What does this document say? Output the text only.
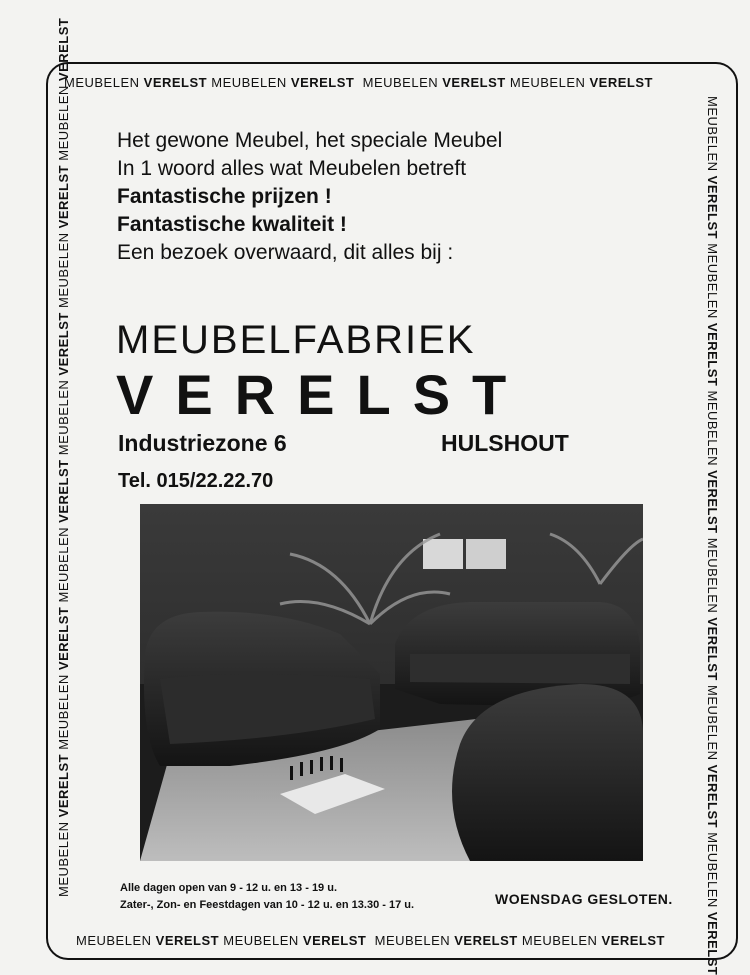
MEUBELEN VERELST MEUBELEN VERELST MEUBELEN VERELST MEUBELEN VERELST
MEUBELEN VERELST MEUBELEN VERELST MEUBELEN VERELST MEUBELEN VERELST
MEUBELEN VERELST MEUBELEN VERELST MEUBELEN VERELST MEUBELEN VERELST MEUBELEN VERELST MEUBELEN VERELST
MEUBELEN VERELST MEUBELEN VERELST MEUBELEN VERELST MEUBELEN VERELST MEUBELEN VERELST MEUBELEN VERELST
Het gewone Meubel, het speciale Meubel
In 1 woord alles wat Meubelen betreft
Fantastische prijzen !
Fantastische kwaliteit !
Een bezoek overwaard, dit alles bij :
MEUBELFABRIEK
VERELST
Industriezone 6	HULSHOUT
Tel. 015/22.22.70
Alle dagen open van 9 - 12 u. en 13 - 19 u.
Zater-, Zon- en Feestdagen van 10 - 12 u. en 13.30 - 17 u.	WOENSDAG GESLOTEN.
